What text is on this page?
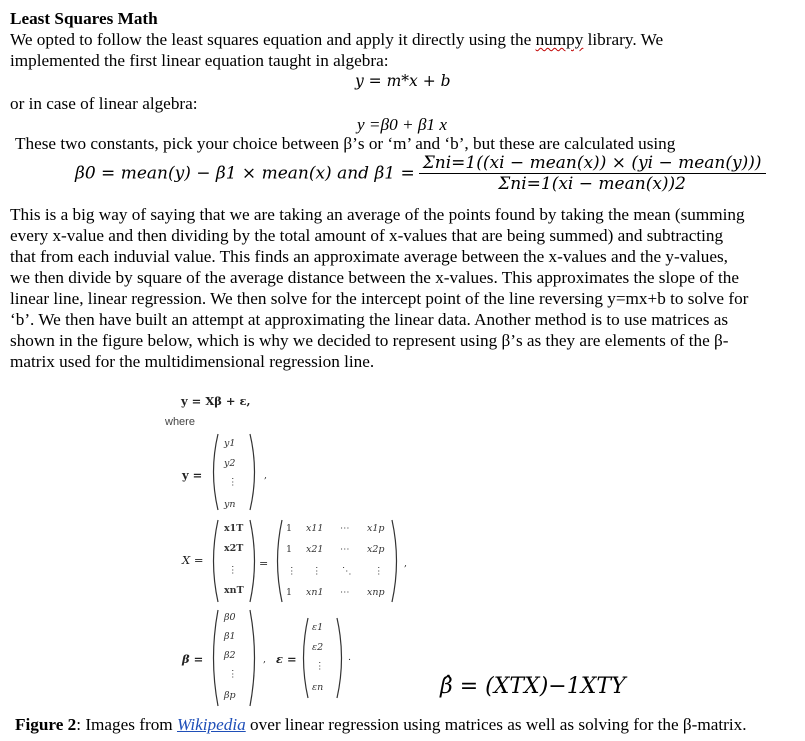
Least Squares Math
We opted to follow the least squares equation and apply it directly using the numpy library. We
implemented the first linear equation taught in algebra:
y = m*x + b
or in case of linear algebra:
y =β0 + β1 x
These two constants, pick your choice between β’s or ‘m’ and ‘b’, but these are calculated using
β0 = mean(y) − β1 × mean(x) and $\beta 1 = \frac{\text{Σni=1((xi − mean(x)) × (yi − mean(y)))}}{\text{Σni=1(xi − mean(x))2}}$
This is a big way of saying that we are taking an average of the points found by taking the mean (summing
every x-value and then dividing by the total amount of x-values that are being summed) and subtracting
that from each induvial value. This finds an approximate average between the x-values and the y-values,
we then divide by square of the average distance between the x-values. This approximates the slope of the
linear line, linear regression. We then solve for the intercept point of the line reversing y=mx+b to solve for
‘b’. We then have built an attempt at approximating the linear data. Another method is to use matrices as
shown in the figure below, which is why we decided to represent using β’s as they are elements of the β-
matrix used for the multidimensional regression line.
y = Xβ + ε,
where
y =
y1
y2
⋮
yn
,
X =
x1T
x2T
⋮
xnT
=
1 x11 ⋯ x1p
1 x21 ⋯ x2p
⋮ ⋮ ⋱ ⋮
1 xn1 ⋯ xnp
,
β =
β0
β1
β2
⋮
βp
, ε =
ε1
ε2
⋮
εn
.
β̂ = (XTX)−1XTY
Figure 2: Images from Wikipedia over linear regression using matrices as well as solving for the β-matrix.
